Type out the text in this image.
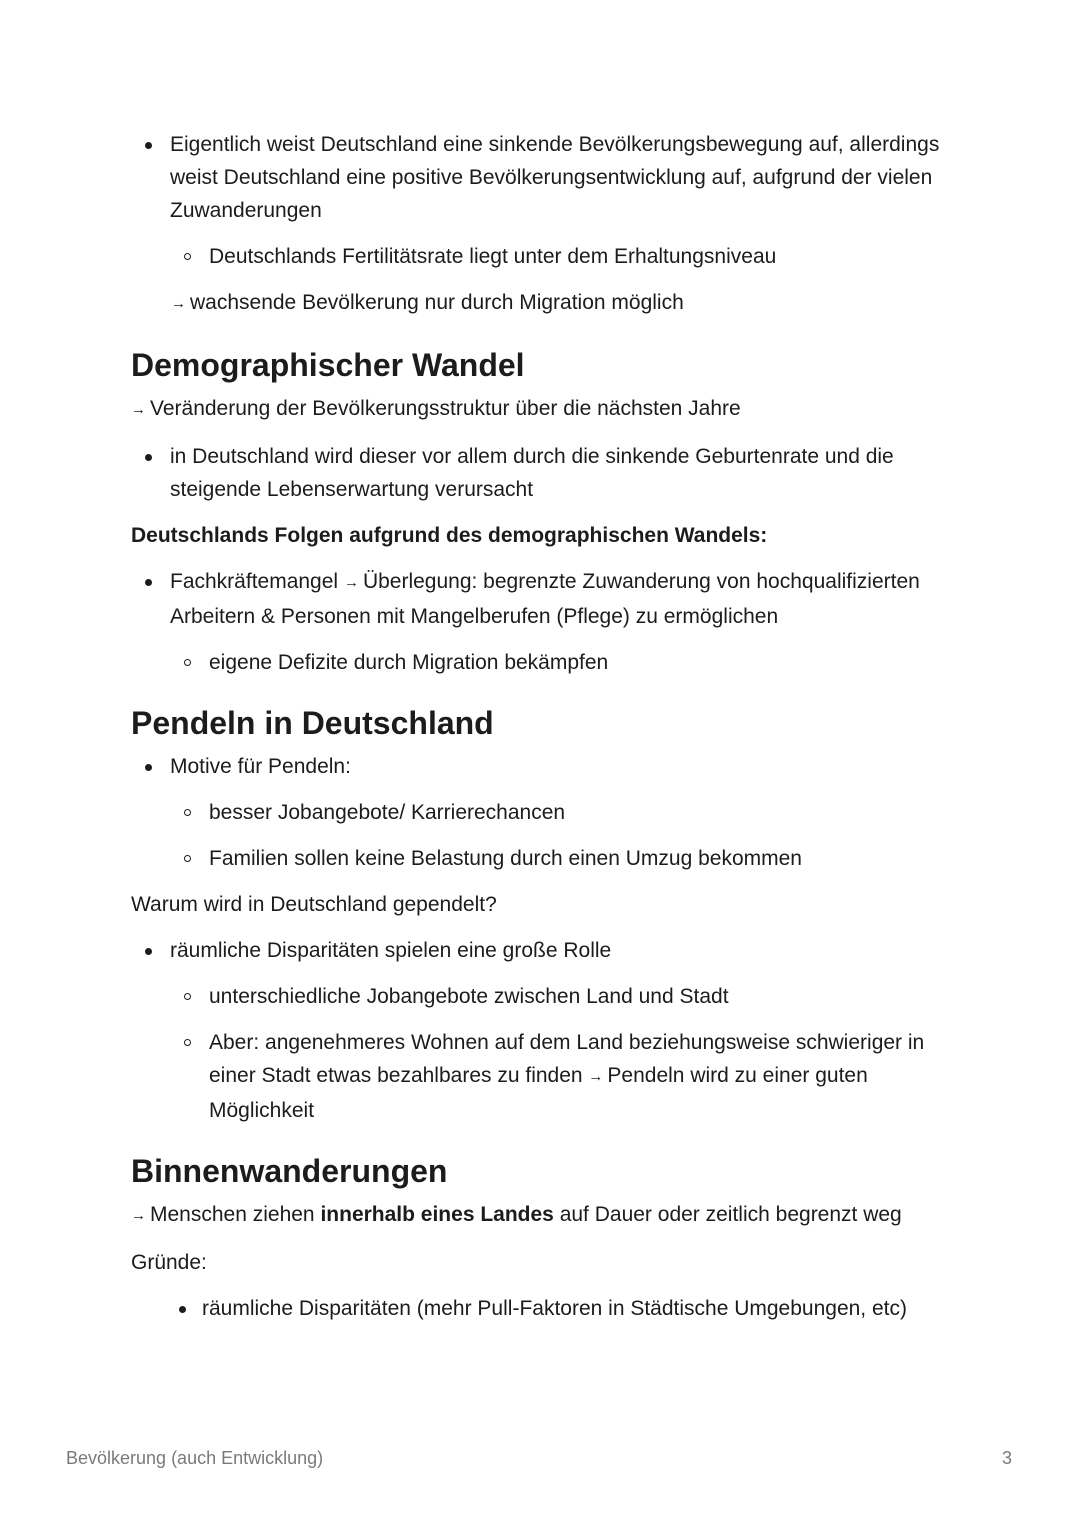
Eigentlich weist Deutschland eine sinkende Bevölkerungsbewegung auf, allerdings weist Deutschland eine positive Bevölkerungsentwicklung auf, aufgrund der vielen Zuwanderungen
Deutschlands Fertilitätsrate liegt unter dem Erhaltungsniveau
→ wachsende Bevölkerung nur durch Migration möglich
Demographischer Wandel
→ Veränderung der Bevölkerungsstruktur über die nächsten Jahre
in Deutschland wird dieser vor allem durch die sinkende Geburtenrate und die steigende Lebenserwartung verursacht
Deutschlands Folgen aufgrund des demographischen Wandels:
Fachkräftemangel → Überlegung: begrenzte Zuwanderung von hochqualifizierten Arbeitern & Personen mit Mangelberufen (Pflege) zu ermöglichen
eigene Defizite durch Migration bekämpfen
Pendeln in Deutschland
Motive für Pendeln:
besser Jobangebote/ Karrierechancen
Familien sollen keine Belastung durch einen Umzug bekommen
Warum wird in Deutschland gependelt?
räumliche Disparitäten spielen eine große Rolle
unterschiedliche Jobangebote zwischen Land und Stadt
Aber: angenehmeres Wohnen auf dem Land beziehungsweise schwieriger in einer Stadt etwas bezahlbares zu finden → Pendeln wird zu einer guten Möglichkeit
Binnenwanderungen
→ Menschen ziehen innerhalb eines Landes auf Dauer oder zeitlich begrenzt weg
Gründe:
räumliche Disparitäten (mehr Pull-Faktoren in Städtische Umgebungen, etc)
Bevölkerung (auch Entwicklung)	3
